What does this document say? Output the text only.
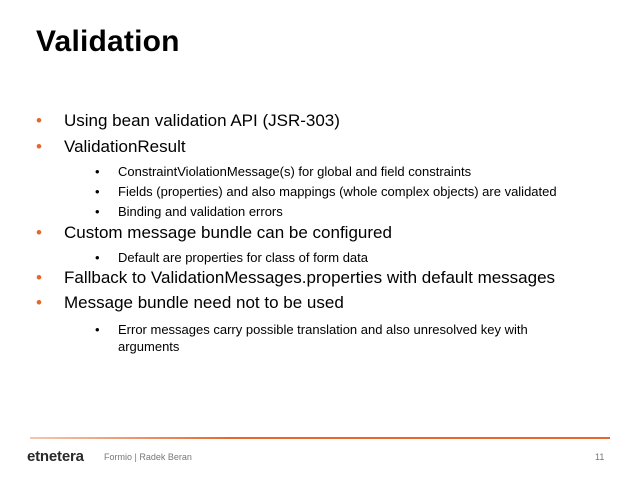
Validation
•	Using bean validation API (JSR-303)
•	ValidationResult
•	ConstraintViolationMessage(s) for global and field constraints
•	Fields (properties) and also mappings (whole complex objects) are validated
•	Binding and validation errors
•	Custom message bundle can be configured
•	Default are properties for class of form data
•	Fallback to ValidationMessages.properties with default messages
•	Message bundle need not to be used
•	Error messages carry possible translation and also unresolved key with arguments
etnetera Formio | Radek Beran	11
